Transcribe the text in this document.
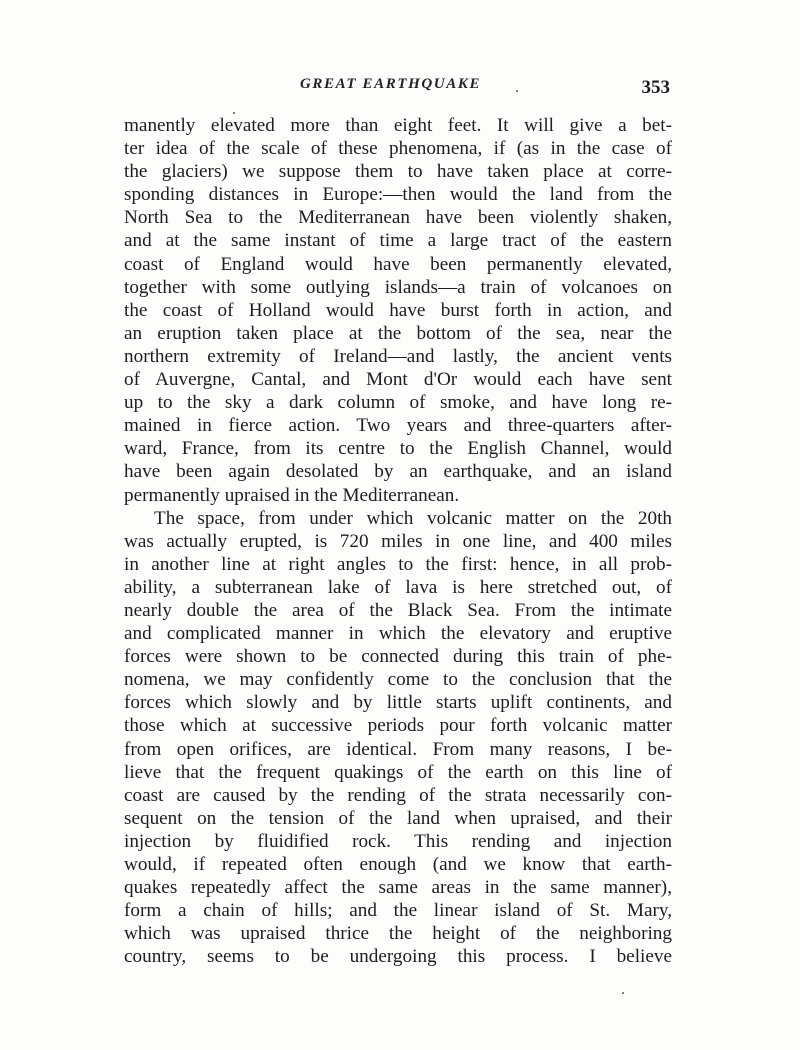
GREAT EARTHQUAKE	353
manently elevated more than eight feet. It will give a bet-
ter idea of the scale of these phenomena, if (as in the case of
the glaciers) we suppose them to have taken place at corre-
sponding distances in Europe:—then would the land from the
North Sea to the Mediterranean have been violently shaken,
and at the same instant of time a large tract of the eastern
coast of England would have been permanently elevated,
together with some outlying islands—a train of volcanoes on
the coast of Holland would have burst forth in action, and
an eruption taken place at the bottom of the sea, near the
northern extremity of Ireland—and lastly, the ancient vents
of Auvergne, Cantal, and Mont d'Or would each have sent
up to the sky a dark column of smoke, and have long re-
mained in fierce action. Two years and three-quarters after-
ward, France, from its centre to the English Channel, would
have been again desolated by an earthquake, and an island
permanently upraised in the Mediterranean.
The space, from under which volcanic matter on the 20th
was actually erupted, is 720 miles in one line, and 400 miles
in another line at right angles to the first: hence, in all prob-
ability, a subterranean lake of lava is here stretched out, of
nearly double the area of the Black Sea. From the intimate
and complicated manner in which the elevatory and eruptive
forces were shown to be connected during this train of phe-
nomena, we may confidently come to the conclusion that the
forces which slowly and by little starts uplift continents, and
those which at successive periods pour forth volcanic matter
from open orifices, are identical. From many reasons, I be-
lieve that the frequent quakings of the earth on this line of
coast are caused by the rending of the strata necessarily con-
sequent on the tension of the land when upraised, and their
injection by fluidified rock. This rending and injection
would, if repeated often enough (and we know that earth-
quakes repeatedly affect the same areas in the same manner),
form a chain of hills; and the linear island of St. Mary,
which was upraised thrice the height of the neighboring
country, seems to be undergoing this process. I believe
